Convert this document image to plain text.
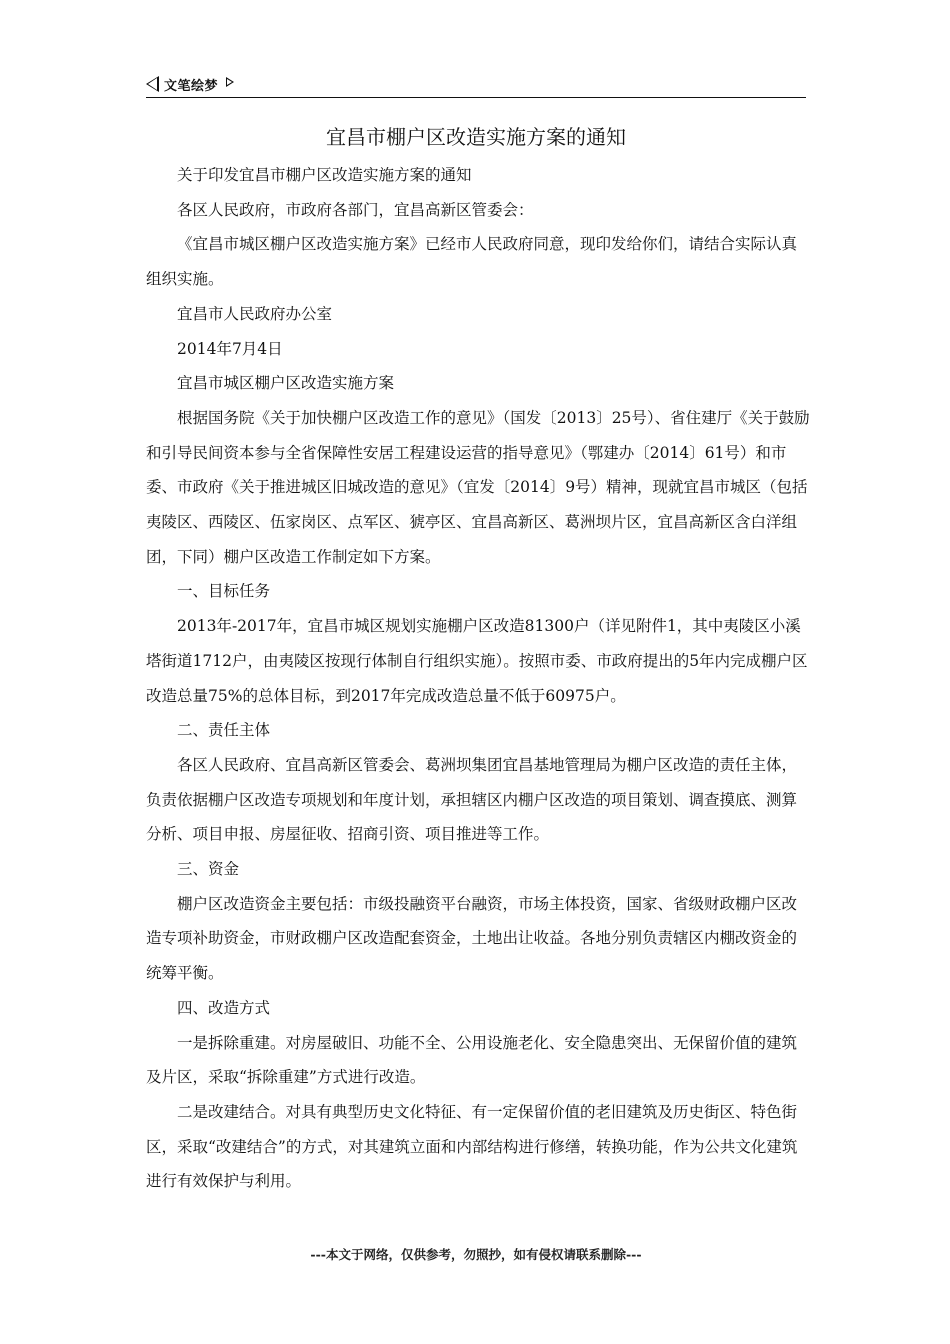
文笔绘梦
宜昌市棚户区改造实施方案的通知

关于印发宜昌市棚户区改造实施方案的通知

各区人民政府，市政府各部门，宜昌高新区管委会：

《宜昌市城区棚户区改造实施方案》已经市人民政府同意，现印发给你们，请结合实际认真组织实施。

宜昌市人民政府办公室

2014年7月4日

宜昌市城区棚户区改造实施方案

根据国务院《关于加快棚户区改造工作的意见》（国发〔2013〕25号）、省住建厅《关于鼓励和引导民间资本参与全省保障性安居工程建设运营的指导意见》（鄂建办〔2014〕61号）和市委、市政府《关于推进城区旧城改造的意见》（宜发〔2014〕9号）精神，现就宜昌市城区（包括夷陵区、西陵区、伍家岗区、点军区、猇亭区、宜昌高新区、葛洲坝片区，宜昌高新区含白洋组团，下同）棚户区改造工作制定如下方案。

一、目标任务

2013年-2017年，宜昌市城区规划实施棚户区改造81300户（详见附件1，其中夷陵区小溪塔街道1712户，由夷陵区按现行体制自行组织实施）。按照市委、市政府提出的5年内完成棚户区改造总量75%的总体目标，到2017年完成改造总量不低于60975户。

二、责任主体

各区人民政府、宜昌高新区管委会、葛洲坝集团宜昌基地管理局为棚户区改造的责任主体，负责依据棚户区改造专项规划和年度计划，承担辖区内棚户区改造的项目策划、调查摸底、测算分析、项目申报、房屋征收、招商引资、项目推进等工作。

三、资金

棚户区改造资金主要包括：市级投融资平台融资，市场主体投资，国家、省级财政棚户区改造专项补助资金，市财政棚户区改造配套资金，土地出让收益。各地分别负责辖区内棚改资金的统筹平衡。

四、改造方式

一是拆除重建。对房屋破旧、功能不全、公用设施老化、安全隐患突出、无保留价值的建筑及片区，采取“拆除重建”方式进行改造。

二是改建结合。对具有典型历史文化特征、有一定保留价值的老旧建筑及历史街区、特色街区，采取“改建结合”的方式，对其建筑立面和内部结构进行修缮，转换功能，作为公共文化建筑进行有效保护与利用。

---本文于网络，仅供参考，勿照抄，如有侵权请联系删除---
